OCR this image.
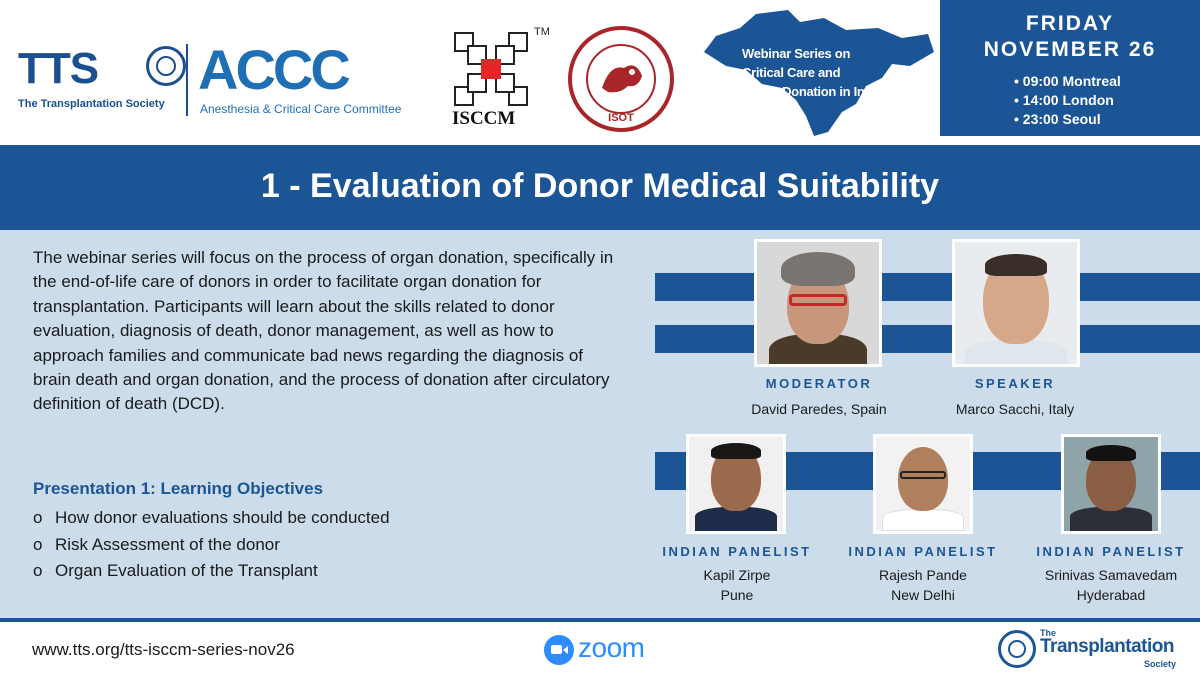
TTS
The Transplantation Society
ACCC
Anesthesia & Critical Care Committee
TM
ISCCM	ISOT
Webinar Series on
Critical Care and
Organ Donation in India
FRIDAY
NOVEMBER 26
• 09:00 Montreal
• 14:00 London
• 23:00 Seoul
1 - Evaluation of Donor Medical Suitability

The webinar series will focus on the process of organ donation, specifically in the end-of-life care of donors in order to facilitate organ donation for transplantation. Participants will learn about the skills related to donor evaluation, diagnosis of death, donor management, as well as how to approach families and communicate bad news regarding the diagnosis of brain death and organ donation, and the process of donation after circulatory definition of death (DCD).

Presentation 1: Learning Objectives
o How donor evaluations should be conducted
o Risk Assessment of the donor
o Organ Evaluation of the Transplant
MODERATOR
David Paredes, Spain
SPEAKER
Marco Sacchi, Italy
INDIAN PANELIST
Kapil Zirpe
Pune
INDIAN PANELIST
Rajesh Pande
New Delhi
INDIAN PANELIST
Srinivas Samavedam
Hyderabad
www.tts.org/tts-isccm-series-nov26	zoom	The
Transplantation
Society
